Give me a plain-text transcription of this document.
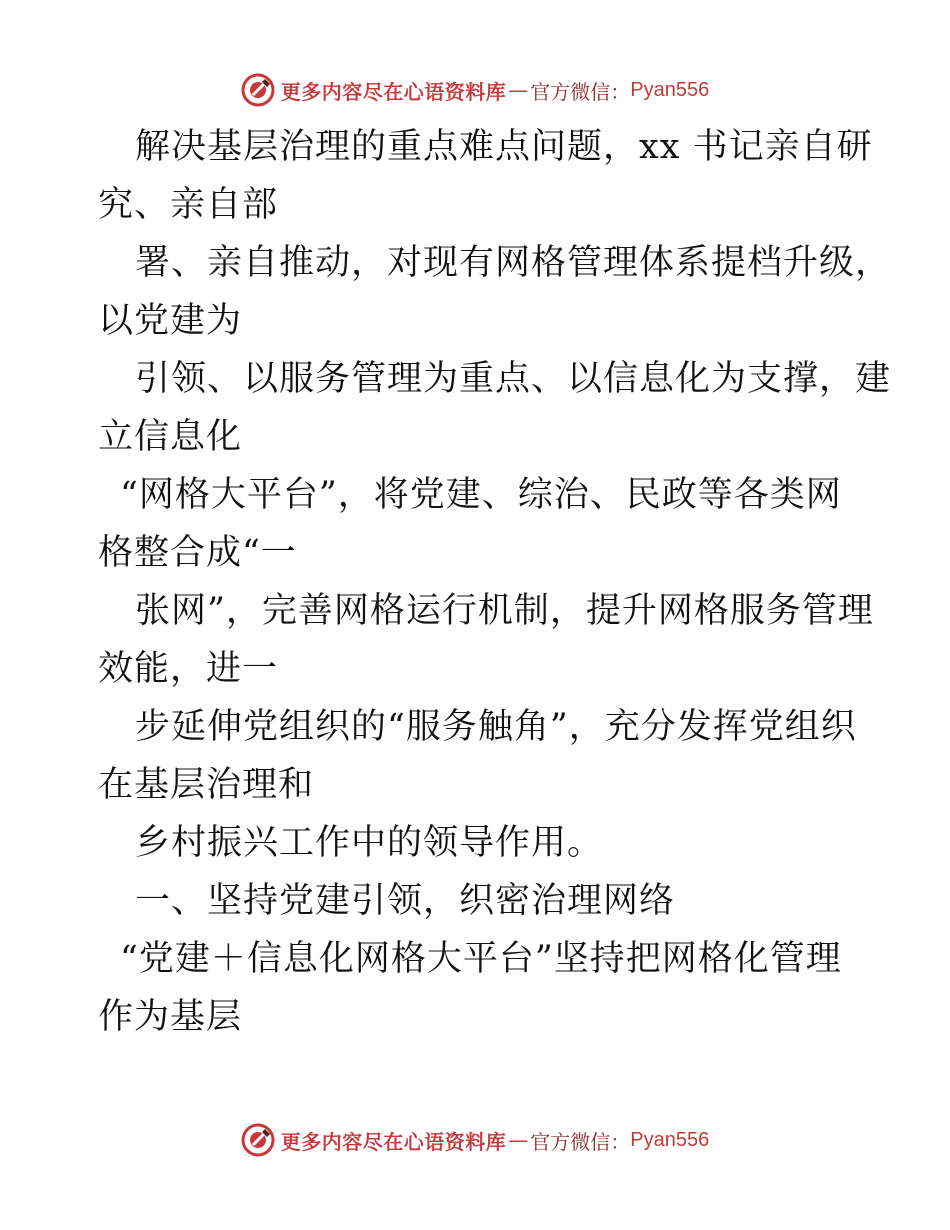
更多内容尽在心语资料库 — 官方微信： Pyan556
解决基层治理的重点难点问题，xx 书记亲自研
究、亲自部
署、亲自推动，对现有网格管理体系提档升级，
以党建为
引领、以服务管理为重点、以信息化为支撑，建
立信息化
“网格大平台”，将党建、综治、民政等各类网
格整合成“一
张网”，完善网格运行机制，提升网格服务管理
效能，进一
步延伸党组织的“服务触角”，充分发挥党组织
在基层治理和
乡村振兴工作中的领导作用。
一、坚持党建引领，织密治理网络
“党建＋信息化网格大平台”坚持把网格化管理
作为基层
更多内容尽在心语资料库 — 官方微信： Pyan556
